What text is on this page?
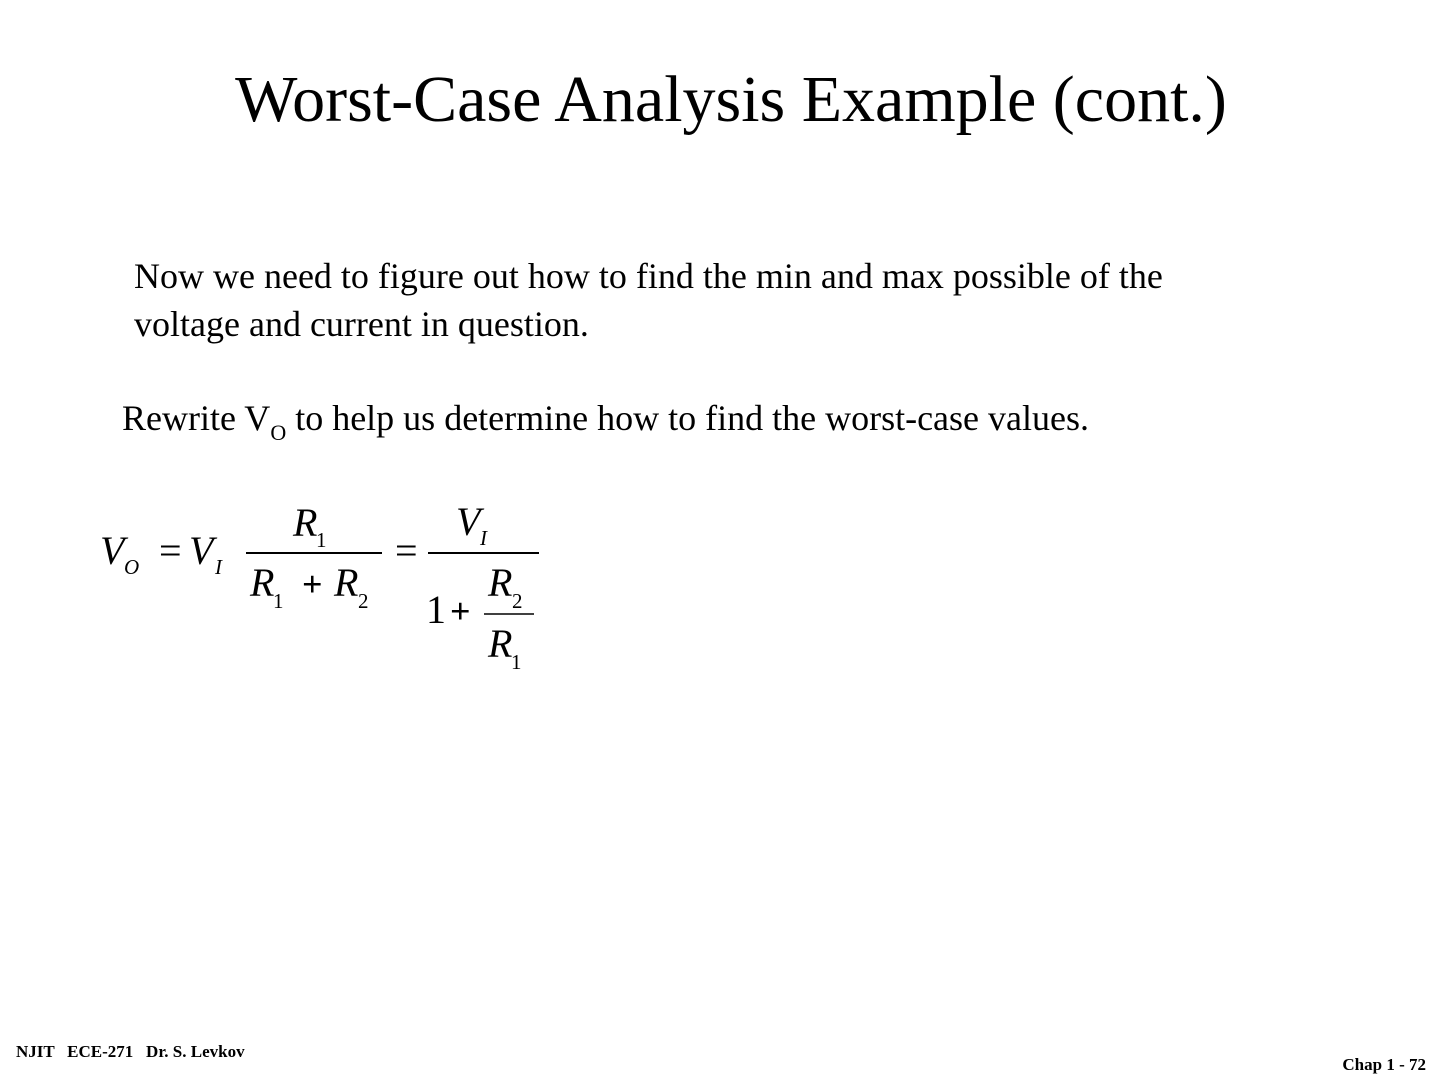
Worst-Case Analysis Example (cont.)
Now we need to figure out how to find the min and max possible of the
voltage and current in question.
Rewrite $V_O$ to help us determine how to find the worst-case values.
V O = V I
R
1
R
1 + R 2
=
V I
1 +
R 2
R
1
NJIT   ECE-271   Dr. S. Levkov
Chap 1 - 72
